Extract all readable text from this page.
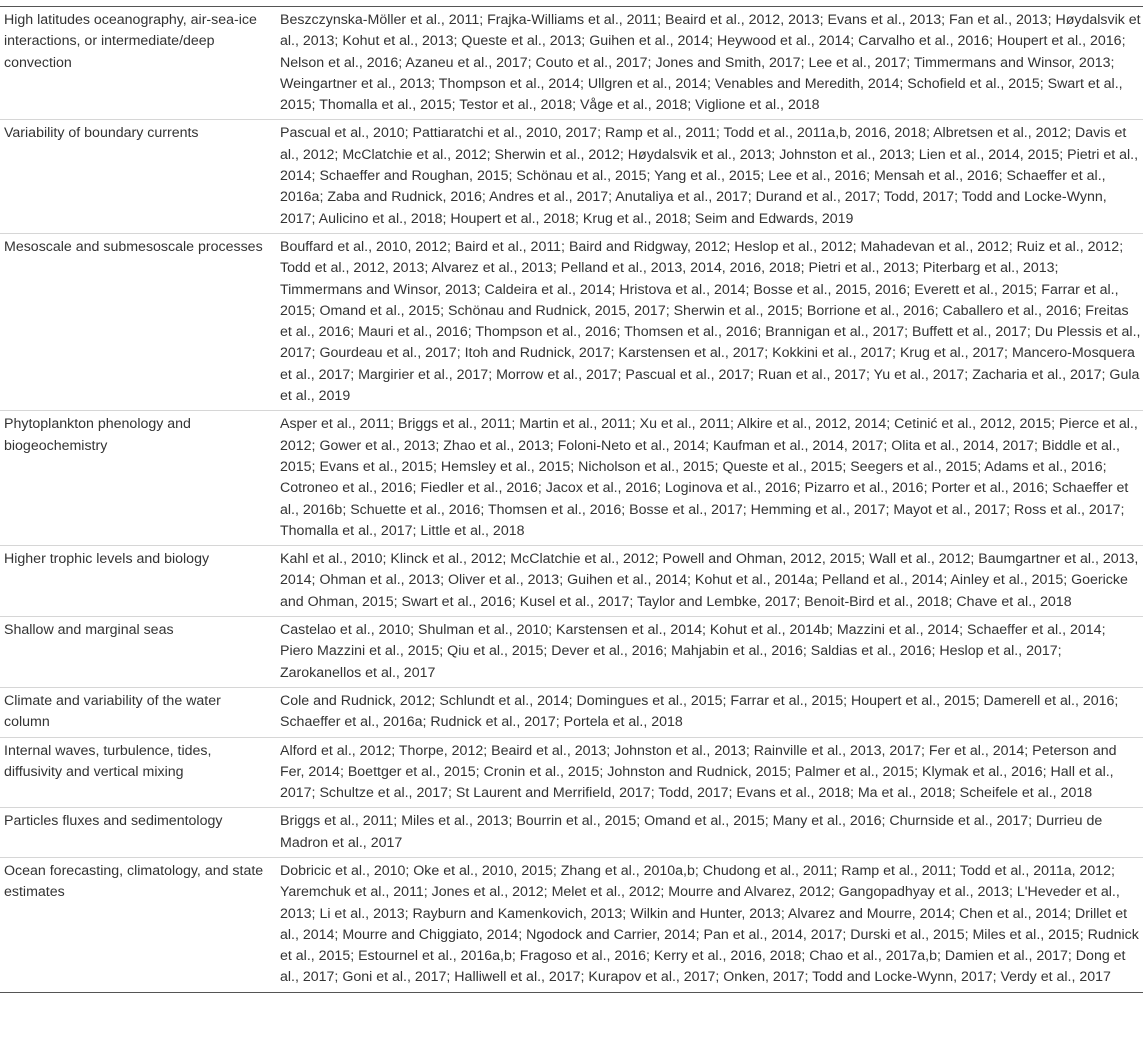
High latitudes oceanography, air-sea-ice interactions, or intermediate/deep convection	Beszczynska-Möller et al., 2011; Frajka-Williams et al., 2011; Beaird et al., 2012, 2013; Evans et al., 2013; Fan et al., 2013; Høydalsvik et al., 2013; Kohut et al., 2013; Queste et al., 2013; Guihen et al., 2014; Heywood et al., 2014; Carvalho et al., 2016; Houpert et al., 2016; Nelson et al., 2016; Azaneu et al., 2017; Couto et al., 2017; Jones and Smith, 2017; Lee et al., 2017; Timmermans and Winsor, 2013; Weingartner et al., 2013; Thompson et al., 2014; Ullgren et al., 2014; Venables and Meredith, 2014; Schofield et al., 2015; Swart et al., 2015; Thomalla et al., 2015; Testor et al., 2018; Våge et al., 2018; Viglione et al., 2018
Variability of boundary currents	Pascual et al., 2010; Pattiaratchi et al., 2010, 2017; Ramp et al., 2011; Todd et al., 2011a,b, 2016, 2018; Albretsen et al., 2012; Davis et al., 2012; McClatchie et al., 2012; Sherwin et al., 2012; Høydalsvik et al., 2013; Johnston et al., 2013; Lien et al., 2014, 2015; Pietri et al., 2014; Schaeffer and Roughan, 2015; Schönau et al., 2015; Yang et al., 2015; Lee et al., 2016; Mensah et al., 2016; Schaeffer et al., 2016a; Zaba and Rudnick, 2016; Andres et al., 2017; Anutaliya et al., 2017; Durand et al., 2017; Todd, 2017; Todd and Locke-Wynn, 2017; Aulicino et al., 2018; Houpert et al., 2018; Krug et al., 2018; Seim and Edwards, 2019
Mesoscale and submesoscale processes	Bouffard et al., 2010, 2012; Baird et al., 2011; Baird and Ridgway, 2012; Heslop et al., 2012; Mahadevan et al., 2012; Ruiz et al., 2012; Todd et al., 2012, 2013; Alvarez et al., 2013; Pelland et al., 2013, 2014, 2016, 2018; Pietri et al., 2013; Piterbarg et al., 2013; Timmermans and Winsor, 2013; Caldeira et al., 2014; Hristova et al., 2014; Bosse et al., 2015, 2016; Everett et al., 2015; Farrar et al., 2015; Omand et al., 2015; Schönau and Rudnick, 2015, 2017; Sherwin et al., 2015; Borrione et al., 2016; Caballero et al., 2016; Freitas et al., 2016; Mauri et al., 2016; Thompson et al., 2016; Thomsen et al., 2016; Brannigan et al., 2017; Buffett et al., 2017; Du Plessis et al., 2017; Gourdeau et al., 2017; Itoh and Rudnick, 2017; Karstensen et al., 2017; Kokkini et al., 2017; Krug et al., 2017; Mancero-Mosquera et al., 2017; Margirier et al., 2017; Morrow et al., 2017; Pascual et al., 2017; Ruan et al., 2017; Yu et al., 2017; Zacharia et al., 2017; Gula et al., 2019
Phytoplankton phenology and biogeochemistry	Asper et al., 2011; Briggs et al., 2011; Martin et al., 2011; Xu et al., 2011; Alkire et al., 2012, 2014; Cetinić et al., 2012, 2015; Pierce et al., 2012; Gower et al., 2013; Zhao et al., 2013; Foloni-Neto et al., 2014; Kaufman et al., 2014, 2017; Olita et al., 2014, 2017; Biddle et al., 2015; Evans et al., 2015; Hemsley et al., 2015; Nicholson et al., 2015; Queste et al., 2015; Seegers et al., 2015; Adams et al., 2016; Cotroneo et al., 2016; Fiedler et al., 2016; Jacox et al., 2016; Loginova et al., 2016; Pizarro et al., 2016; Porter et al., 2016; Schaeffer et al., 2016b; Schuette et al., 2016; Thomsen et al., 2016; Bosse et al., 2017; Hemming et al., 2017; Mayot et al., 2017; Ross et al., 2017; Thomalla et al., 2017; Little et al., 2018
Higher trophic levels and biology	Kahl et al., 2010; Klinck et al., 2012; McClatchie et al., 2012; Powell and Ohman, 2012, 2015; Wall et al., 2012; Baumgartner et al., 2013, 2014; Ohman et al., 2013; Oliver et al., 2013; Guihen et al., 2014; Kohut et al., 2014a; Pelland et al., 2014; Ainley et al., 2015; Goericke and Ohman, 2015; Swart et al., 2016; Kusel et al., 2017; Taylor and Lembke, 2017; Benoit-Bird et al., 2018; Chave et al., 2018
Shallow and marginal seas	Castelao et al., 2010; Shulman et al., 2010; Karstensen et al., 2014; Kohut et al., 2014b; Mazzini et al., 2014; Schaeffer et al., 2014; Piero Mazzini et al., 2015; Qiu et al., 2015; Dever et al., 2016; Mahjabin et al., 2016; Saldias et al., 2016; Heslop et al., 2017; Zarokanellos et al., 2017
Climate and variability of the water column	Cole and Rudnick, 2012; Schlundt et al., 2014; Domingues et al., 2015; Farrar et al., 2015; Houpert et al., 2015; Damerell et al., 2016; Schaeffer et al., 2016a; Rudnick et al., 2017; Portela et al., 2018
Internal waves, turbulence, tides, diffusivity and vertical mixing	Alford et al., 2012; Thorpe, 2012; Beaird et al., 2013; Johnston et al., 2013; Rainville et al., 2013, 2017; Fer et al., 2014; Peterson and Fer, 2014; Boettger et al., 2015; Cronin et al., 2015; Johnston and Rudnick, 2015; Palmer et al., 2015; Klymak et al., 2016; Hall et al., 2017; Schultze et al., 2017; St Laurent and Merrifield, 2017; Todd, 2017; Evans et al., 2018; Ma et al., 2018; Scheifele et al., 2018
Particles fluxes and sedimentology	Briggs et al., 2011; Miles et al., 2013; Bourrin et al., 2015; Omand et al., 2015; Many et al., 2016; Churnside et al., 2017; Durrieu de Madron et al., 2017
Ocean forecasting, climatology, and state estimates	Dobricic et al., 2010; Oke et al., 2010, 2015; Zhang et al., 2010a,b; Chudong et al., 2011; Ramp et al., 2011; Todd et al., 2011a, 2012; Yaremchuk et al., 2011; Jones et al., 2012; Melet et al., 2012; Mourre and Alvarez, 2012; Gangopadhyay et al., 2013; L'Heveder et al., 2013; Li et al., 2013; Rayburn and Kamenkovich, 2013; Wilkin and Hunter, 2013; Alvarez and Mourre, 2014; Chen et al., 2014; Drillet et al., 2014; Mourre and Chiggiato, 2014; Ngodock and Carrier, 2014; Pan et al., 2014, 2017; Durski et al., 2015; Miles et al., 2015; Rudnick et al., 2015; Estournel et al., 2016a,b; Fragoso et al., 2016; Kerry et al., 2016, 2018; Chao et al., 2017a,b; Damien et al., 2017; Dong et al., 2017; Goni et al., 2017; Halliwell et al., 2017; Kurapov et al., 2017; Onken, 2017; Todd and Locke-Wynn, 2017; Verdy et al., 2017
